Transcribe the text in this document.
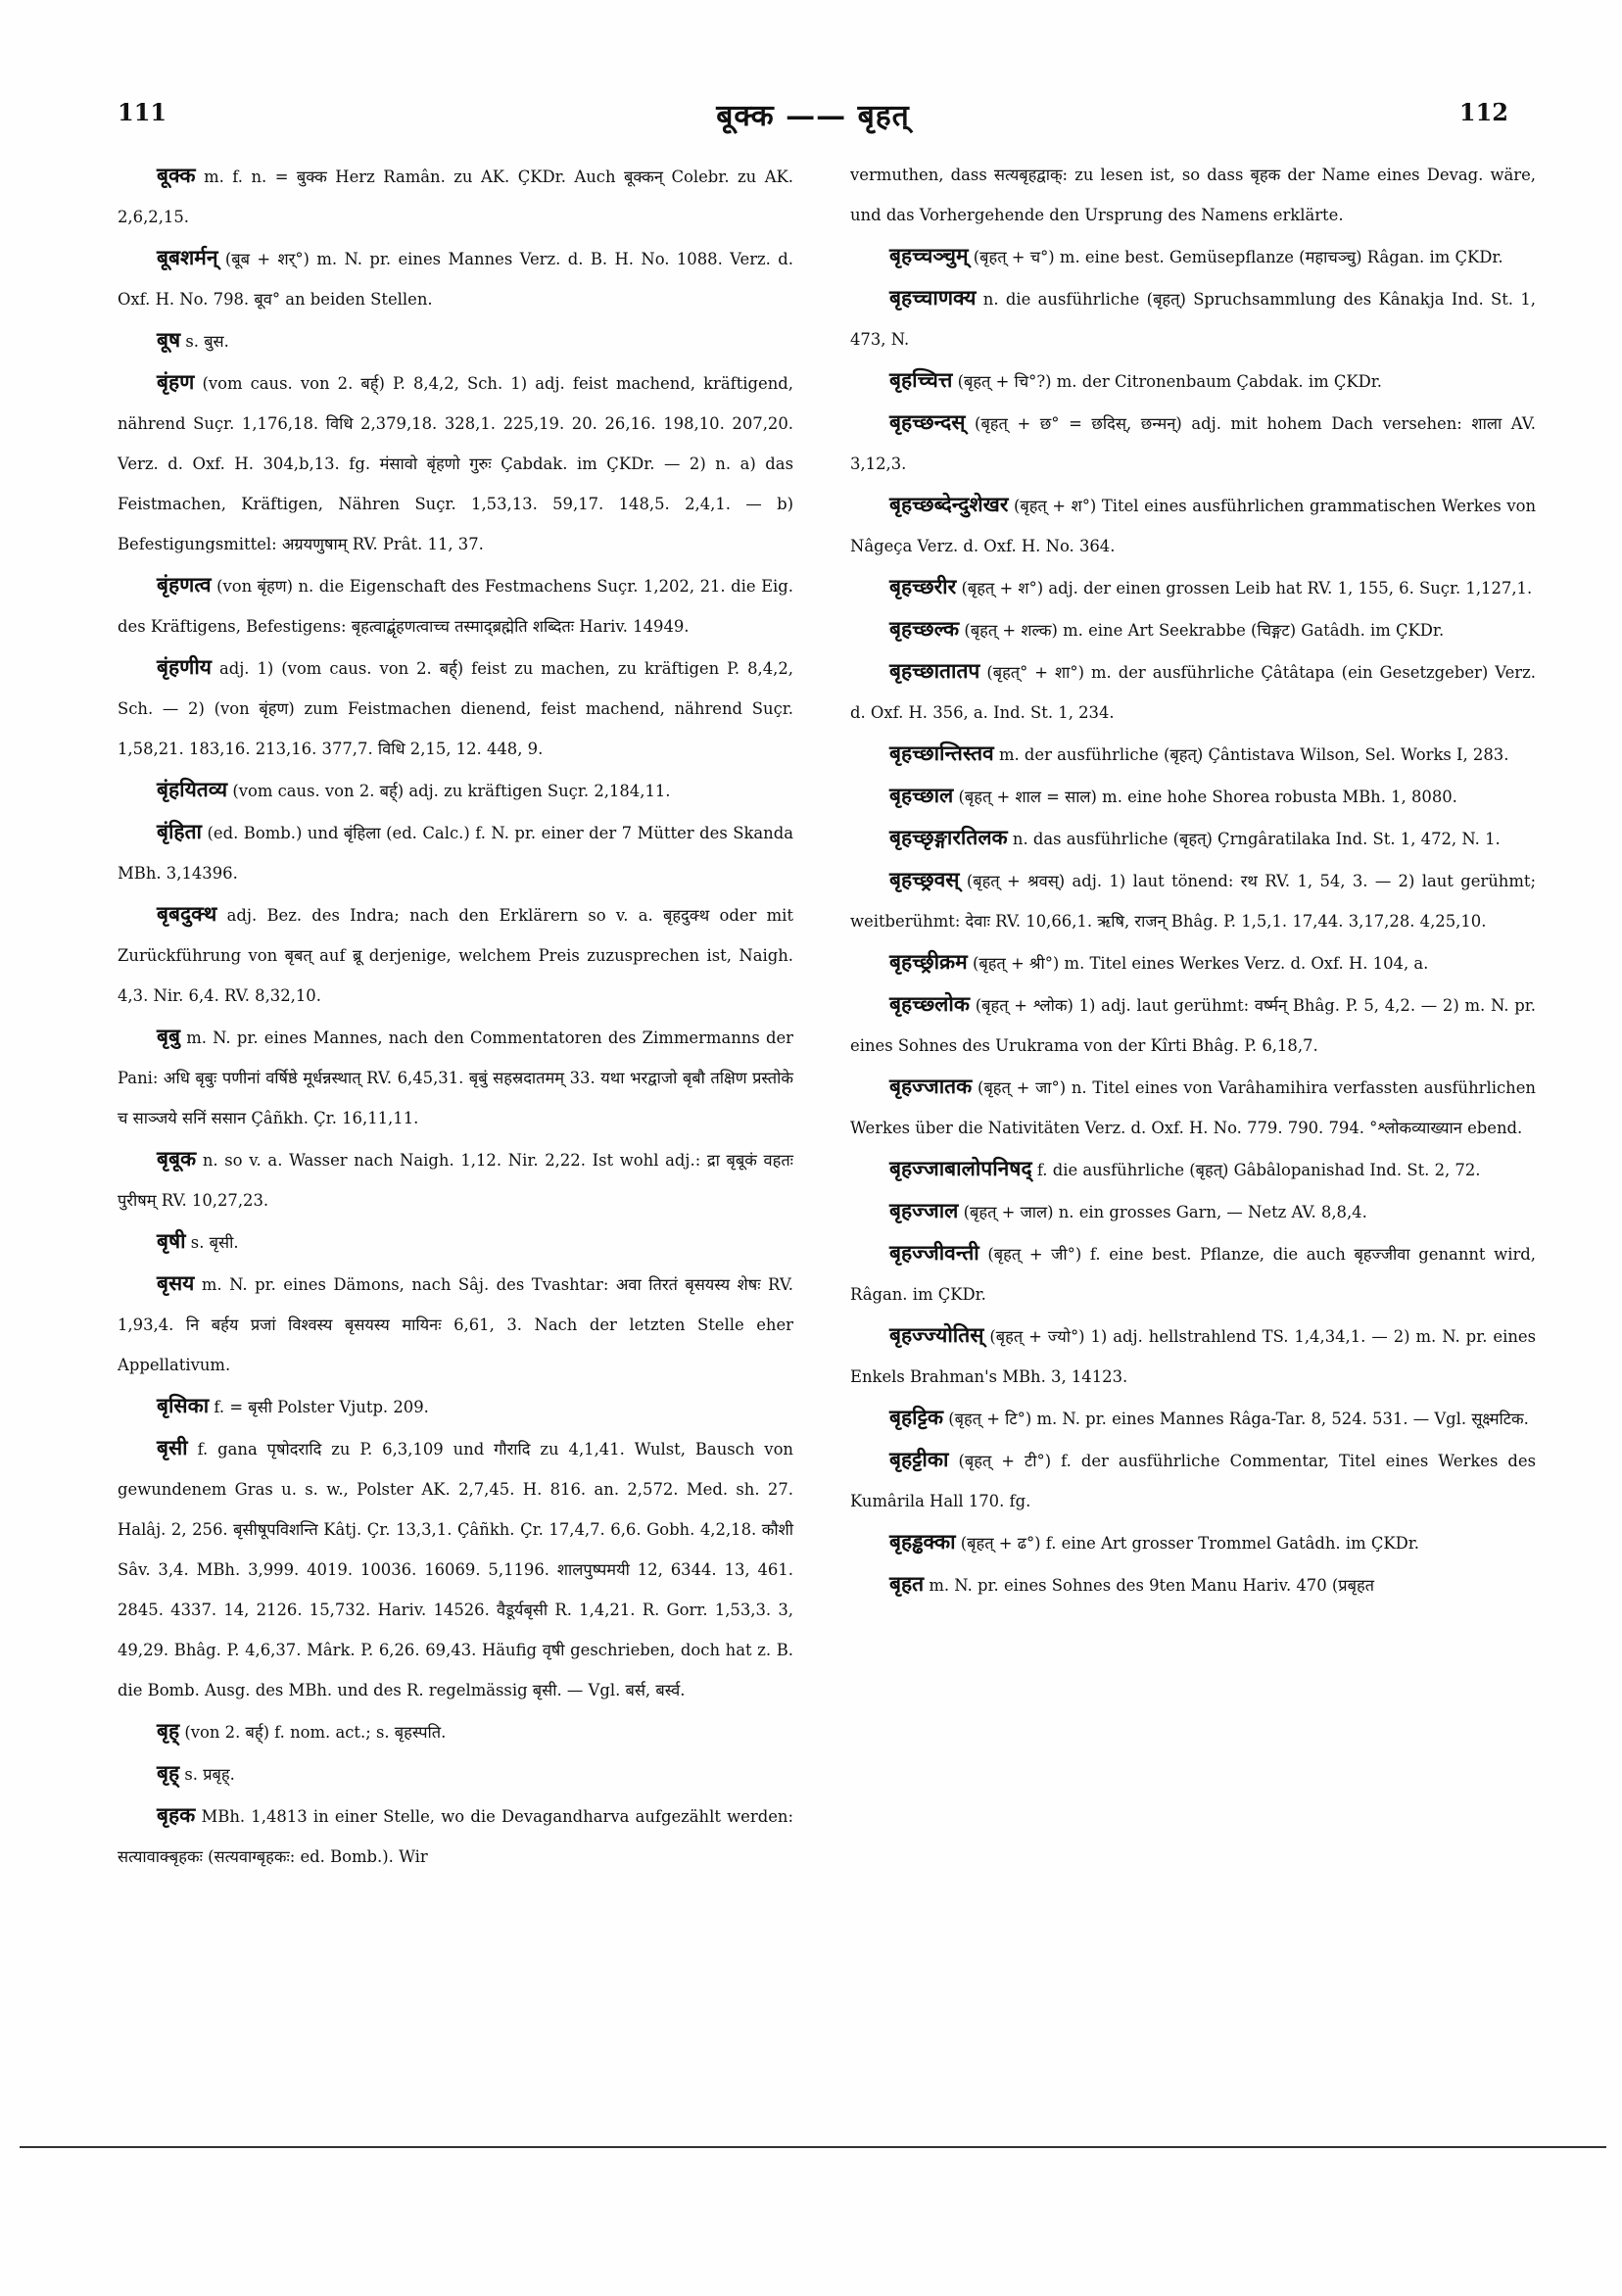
111	बूक्क —— बृहत्	112

बूक्क m. f. n. = बुक्क Herz Ramân. zu AK. ÇKDr. Auch बूक्कन् Colebr. zu AK. 2,6,2,15.

बूबशर्मन् (बूब + शर्°) m. N. pr. eines Mannes Verz. d. B. H. No. 1088. Verz. d. Oxf. H. No. 798. बूव° an beiden Stellen.

बूष s. बुस.

बृंहण (vom caus. von 2. बर्ह्) P. 8,4,2, Sch. 1) adj. feist machend, kräftigend, nährend Suçr. 1,176,18. विधि 2,379,18. 328,1. 225,19. 20. 26,16. 198,10. 207,20. Verz. d. Oxf. H. 304,b,13. fg. मंसावो बृंहणो गुरुः Çabdak. im ÇKDr. — 2) n. a) das Feistmachen, Kräftigen, Nähren Suçr. 1,53,13. 59,17. 148,5. 2,4,1. — b) Befestigungsmittel: अग्रयणुषाम् RV. Prât. 11, 37.

बृंहणत्व (von बृंहण) n. die Eigenschaft des Festmachens Suçr. 1,202, 21. die Eig. des Kräftigens, Befestigens: बृहत्वाद्बृंहणत्वाच्च तस्माद्ब्रह्मेति शब्दितः Hariv. 14949.

बृंहणीय adj. 1) (vom caus. von 2. बर्ह्) feist zu machen, zu kräftigen P. 8,4,2, Sch. — 2) (von बृंहण) zum Feistmachen dienend, feist machend, nährend Suçr. 1,58,21. 183,16. 213,16. 377,7. विधि 2,15, 12. 448, 9.

बृंहयितव्य (vom caus. von 2. बर्ह्) adj. zu kräftigen Suçr. 2,184,11.

बृंहिता (ed. Bomb.) und बृंहिला (ed. Calc.) f. N. pr. einer der 7 Mütter des Skanda MBh. 3,14396.

बृबदुक्थ adj. Bez. des Indra; nach den Erklärern so v. a. बृहदुक्थ oder mit Zurückführung von बृबत् auf ब्रू derjenige, welchem Preis zuzusprechen ist, Naigh. 4,3. Nir. 6,4. RV. 8,32,10.

बृबु m. N. pr. eines Mannes, nach den Commentatoren des Zimmermanns der Pani: अधि बृबुः पणीनां वर्षिष्ठे मूर्धन्नस्थात् RV. 6,45,31. बृबुं सहस्रदातमम् 33. यथा भरद्वाजो बृबौ तक्षिण प्रस्तोके च साञ्जये सनिं ससान Çâñkh. Çr. 16,11,11.

बृबूक n. so v. a. Wasser nach Naigh. 1,12. Nir. 2,22. Ist wohl adj.: द्रा बृबूकं वहतः पुरीषम् RV. 10,27,23.

बृषी s. बृसी.

बृसय m. N. pr. eines Dämons, nach Sâj. des Tvashtar: अवा तिरतं बृसयस्य शेषः RV. 1,93,4. नि बर्हय प्रजां विश्वस्य बृसयस्य मायिनः 6,61, 3. Nach der letzten Stelle eher Appellativum.

बृसिका f. = बृसी Polster Vjutp. 209.

बृसी f. gana पृषोदरादि zu P. 6,3,109 und गौरादि zu 4,1,41. Wulst, Bausch von gewundenem Gras u. s. w., Polster AK. 2,7,45. H. 816. an. 2,572. Med. sh. 27. Halâj. 2, 256. बृसीषूपविशन्ति Kâtj. Çr. 13,3,1. Çâñkh. Çr. 17,4,7. 6,6. Gobh. 4,2,18. कौशी Sâv. 3,4. MBh. 3,999. 4019. 10036. 16069. 5,1196. शालपुष्पमयी 12, 6344. 13, 461. 2845. 4337. 14, 2126. 15,732. Hariv. 14526. वैडूर्यबृसी R. 1,4,21. R. Gorr. 1,53,3. 3, 49,29. Bhâg. P. 4,6,37. Mârk. P. 6,26. 69,43. Häufig वृषी geschrieben, doch hat z. B. die Bomb. Ausg. des MBh. und des R. regelmässig बृसी. — Vgl. बर्स, बर्स्व.

बृह् (von 2. बर्ह्) f. nom. act.; s. बृहस्पति.

बृह् s. प्रबृह्.

बृहक MBh. 1,4813 in einer Stelle, wo die Devagandharva aufgezählt werden: सत्यावाक्बृहकः (सत्यवाग्बृहकः: ed. Bomb.). Wir

vermuthen, dass सत्यबृहद्वाक्: zu lesen ist, so dass बृहक der Name eines Devag. wäre, und das Vorhergehende den Ursprung des Namens erklärte.

बृहच्चञ्चुम् (बृहत् + च°) m. eine best. Gemüsepflanze (महाचञ्चु) Râgan. im ÇKDr.

बृहच्चाणक्य n. die ausführliche (बृहत्) Spruchsammlung des Kânakja Ind. St. 1, 473, N.

बृहच्चित्त (बृहत् + चि°?) m. der Citronenbaum Çabdak. im ÇKDr.

बृहच्छन्दस् (बृहत् + छ° = छदिस्, छन्मन्) adj. mit hohem Dach versehen: शाला AV. 3,12,3.

बृहच्छब्देन्दुशेखर (बृहत् + श°) Titel eines ausführlichen grammatischen Werkes von Nâgeça Verz. d. Oxf. H. No. 364.

बृहच्छरीर (बृहत् + श°) adj. der einen grossen Leib hat RV. 1, 155, 6. Suçr. 1,127,1.

बृहच्छल्क (बृहत् + शल्क) m. eine Art Seekrabbe (चिङ्गट) Gatâdh. im ÇKDr.

बृहच्छातातप (बृहत्° + शा°) m. der ausführliche Çâtâtapa (ein Gesetzgeber) Verz. d. Oxf. H. 356, a. Ind. St. 1, 234.

बृहच्छान्तिस्तव m. der ausführliche (बृहत्) Çântistava Wilson, Sel. Works I, 283.

बृहच्छाल (बृहत् + शाल = साल) m. eine hohe Shorea robusta MBh. 1, 8080.

बृहच्छृङ्गारतिलक n. das ausführliche (बृहत्) Çrngâratilaka Ind. St. 1, 472, N. 1.

बृहच्छ्रवस् (बृहत् + श्रवस्) adj. 1) laut tönend: रथ RV. 1, 54, 3. — 2) laut gerühmt; weitberühmt: देवाः RV. 10,66,1. ऋषि, राजन् Bhâg. P. 1,5,1. 17,44. 3,17,28. 4,25,10.

बृहच्छ्रीक्रम (बृहत् + श्री°) m. Titel eines Werkes Verz. d. Oxf. H. 104, a.

बृहच्छ्लोक (बृहत् + श्लोक) 1) adj. laut gerühmt: वर्ष्मन् Bhâg. P. 5, 4,2. — 2) m. N. pr. eines Sohnes des Urukrama von der Kîrti Bhâg. P. 6,18,7.

बृहज्जातक (बृहत् + जा°) n. Titel eines von Varâhamihira verfassten ausführlichen Werkes über die Nativitäten Verz. d. Oxf. H. No. 779. 790. 794. °श्लोकव्याख्यान ebend.

बृहज्जाबालोपनिषद् f. die ausführliche (बृहत्) Gâbâlopanishad Ind. St. 2, 72.

बृहज्जाल (बृहत् + जाल) n. ein grosses Garn, — Netz AV. 8,8,4.

बृहज्जीवन्ती (बृहत् + जी°) f. eine best. Pflanze, die auch बृहज्जीवा genannt wird, Râgan. im ÇKDr.

बृहज्ज्योतिस् (बृहत् + ज्यो°) 1) adj. hellstrahlend TS. 1,4,34,1. — 2) m. N. pr. eines Enkels Brahman's MBh. 3, 14123.

बृहट्टिक (बृहत् + टि°) m. N. pr. eines Mannes Râga-Tar. 8, 524. 531. — Vgl. सूक्ष्मटिक.

बृहट्टीका (बृहत् + टी°) f. der ausführliche Commentar, Titel eines Werkes des Kumârila Hall 170. fg.

बृहड्ढक्का (बृहत् + ढ°) f. eine Art grosser Trommel Gatâdh. im ÇKDr.

बृहत m. N. pr. eines Sohnes des 9ten Manu Hariv. 470 (प्रबृहत
